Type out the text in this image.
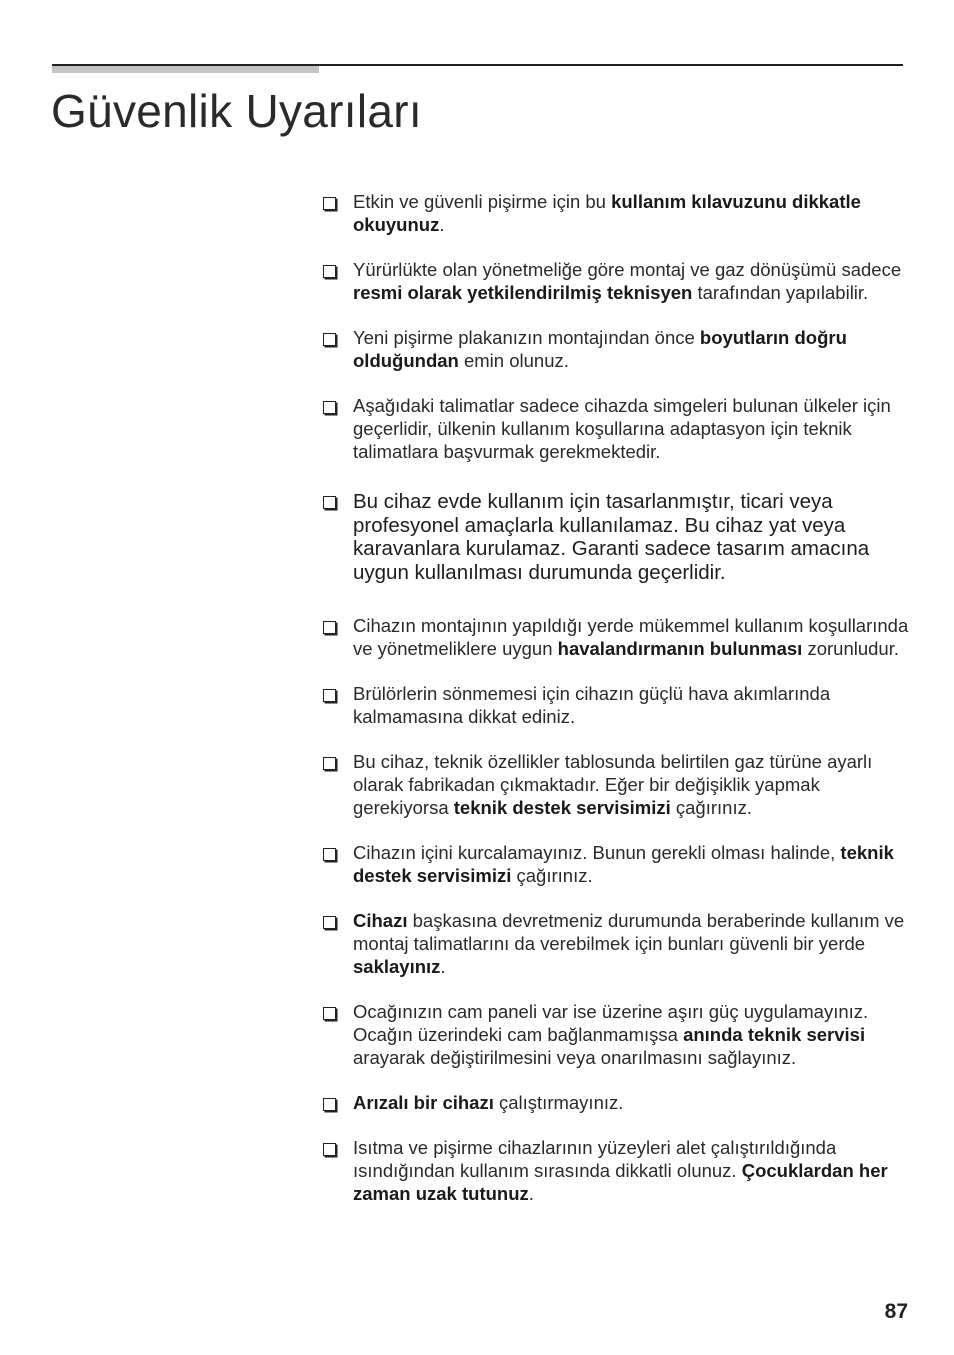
Güvenlik Uyarıları
Etkin ve güvenli pişirme için bu kullanım kılavuzunu dikkatle okuyunuz.
Yürürlükte olan yönetmeliğe göre montaj ve gaz dönüşümü sadece resmi olarak yetkilendirilmiş teknisyen tarafından yapılabilir.
Yeni pişirme plakanızın montajından önce boyutların doğru olduğundan emin olunuz.
Aşağıdaki talimatlar sadece cihazda simgeleri bulunan ülkeler için geçerlidir, ülkenin kullanım koşullarına adaptasyon için teknik talimatlara başvurmak gerekmektedir.
Bu cihaz evde kullanım için tasarlanmıştır, ticari veya profesyonel amaçlarla kullanılamaz. Bu cihaz yat veya karavanlara kurulamaz. Garanti sadece tasarım amacına uygun kullanılması durumunda geçerlidir.
Cihazın montajının yapıldığı yerde mükemmel kullanım koşullarında ve yönetmeliklere uygun havalandırmanın bulunması zorunludur.
Brülörlerin sönmemesi için cihazın güçlü hava akımlarında kalmamasına dikkat ediniz.
Bu cihaz, teknik özellikler tablosunda belirtilen gaz türüne ayarlı olarak fabrikadan çıkmaktadır. Eğer bir değişiklik yapmak gerekiyorsa teknik destek servisimizi çağırınız.
Cihazın içini kurcalamayınız. Bunun gerekli olması halinde, teknik destek servisimizi çağırınız.
Cihazı başkasına devretmeniz durumunda beraberinde kullanım ve montaj talimatlarını da verebilmek için bunları güvenli bir yerde saklayınız.
Ocağınızın cam paneli var ise üzerine aşırı güç uygulamayınız. Ocağın üzerindeki cam bağlanmamışsa anında teknik servisi arayarak değiştirilmesini veya onarılmasını sağlayınız.
Arızalı bir cihazı çalıştırmayınız.
Isıtma ve pişirme cihazlarının yüzeyleri alet çalıştırıldığında ısındığından kullanım sırasında dikkatli olunuz. Çocuklardan her zaman uzak tutunuz.
87
